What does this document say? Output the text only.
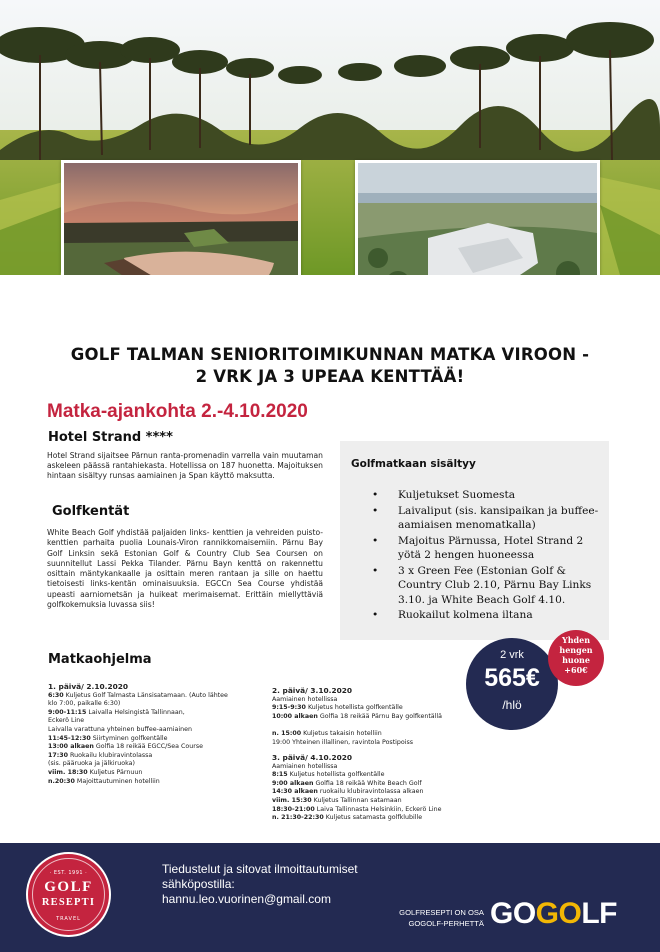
GOLF TALMAN SENIORITOIMIKUNNAN MATKA VIROON -
2 VRK JA 3 UPEAA KENTTÄÄ!
Matka-ajankohta 2.-4.10.2020
Hotel Strand ****
Hotel Strand sijaitsee Pärnun ranta-promenadin varrella vain muutaman askeleen päässä rantahiekasta. Hotellissa on 187 huonetta. Majoituksen hintaan sisältyy runsas aamiainen ja Span käyttö maksutta.
Golfkentät
White Beach Golf yhdistää paljaiden links- kenttien ja vehreiden puisto-kenttien parhaita puolia Lounais-Viron rannikkomaisemiin. Pärnu Bay Golf Linksin sekä Estonian Golf & Country Club Sea Coursen on suunnitellut Lassi Pekka Tilander. Pärnu Bayn kenttä on rakennettu osittain mäntykankaalle ja osittain meren rantaan ja sille on haettu tietoisesti links-kentän ominaisuuksia. EGCCn Sea Course yhdistää upeasti aarniometsän ja huikeat merimaisemat. Erittäin miellyttäviä golfkokemuksia luvassa siis!
Golfmatkaan sisältyy
• Kuljetukset Suomesta
• Laivaliput (sis. kansipaikan ja buffee-aamiaisen menomatkalla)
• Majoitus Pärnussa, Hotel Strand 2 yötä 2 hengen huoneessa
• 3 x Green Fee (Estonian Golf & Country Club 2.10, Pärnu Bay Links 3.10. ja White Beach Golf 4.10.
• Ruokailut kolmena iltana
2 vrk
565€
/hlö
Yhden
hengen
huone
+60€
Matkaohjelma
1. päivä/ 2.10.2020
6:30 Kuljetus Golf Talmasta Länsisatamaan. (Auto lähtee
klo 7:00, paikalle 6:30)
9:00-11:15 Laivalla Helsingistä Tallinnaan,
Eckerö Line
Laivalla varattuna yhteinen buffee-aamiainen
11:45-12:30 Siirtyminen golfkentälle
13:00 alkaen Golfia 18 reikää EGCC/Sea Course
17:30 Ruokailu klubiravintolassa
(sis. pääruoka ja jälkiruoka)
viim. 18:30 Kuljetus Pärnuun
n.20:30 Majoittautuminen hotelliin
2. päivä/ 3.10.2020
Aamiainen hotellissa
9:15-9:30 Kuljetus hotellista golfkentälle
10:00 alkaen Golfia 18 reikää Pärnu Bay golfkentällä

n. 15:00 Kuljetus takaisin hotelliin
19:00 Yhteinen illallinen, ravintola Postipoiss
3. päivä/ 4.10.2020
Aamiainen hotellissa
8:15 Kuljetus hotellista golfkentälle
9:00 alkaen Golfia 18 reikää White Beach Golf
14:30 alkaen ruokailu klubiravintolassa alkaen
viim. 15:30 Kuljetus Tallinnan satamaan
18:30-21:00 Laiva Tallinnasta Helsinkiin, Eckerö Line
n. 21:30-22:30 Kuljetus satamasta golfklubille
· EST. 1991 ·
GOLF
RESEPTI
TRAVEL
Tiedustelut ja sitovat ilmoittautumiset
sähköpostilla:
hannu.leo.vuorinen@gmail.com
GOLFRESEPTI ON OSA
GOGOLF-PERHETTÄ GOGOLF
